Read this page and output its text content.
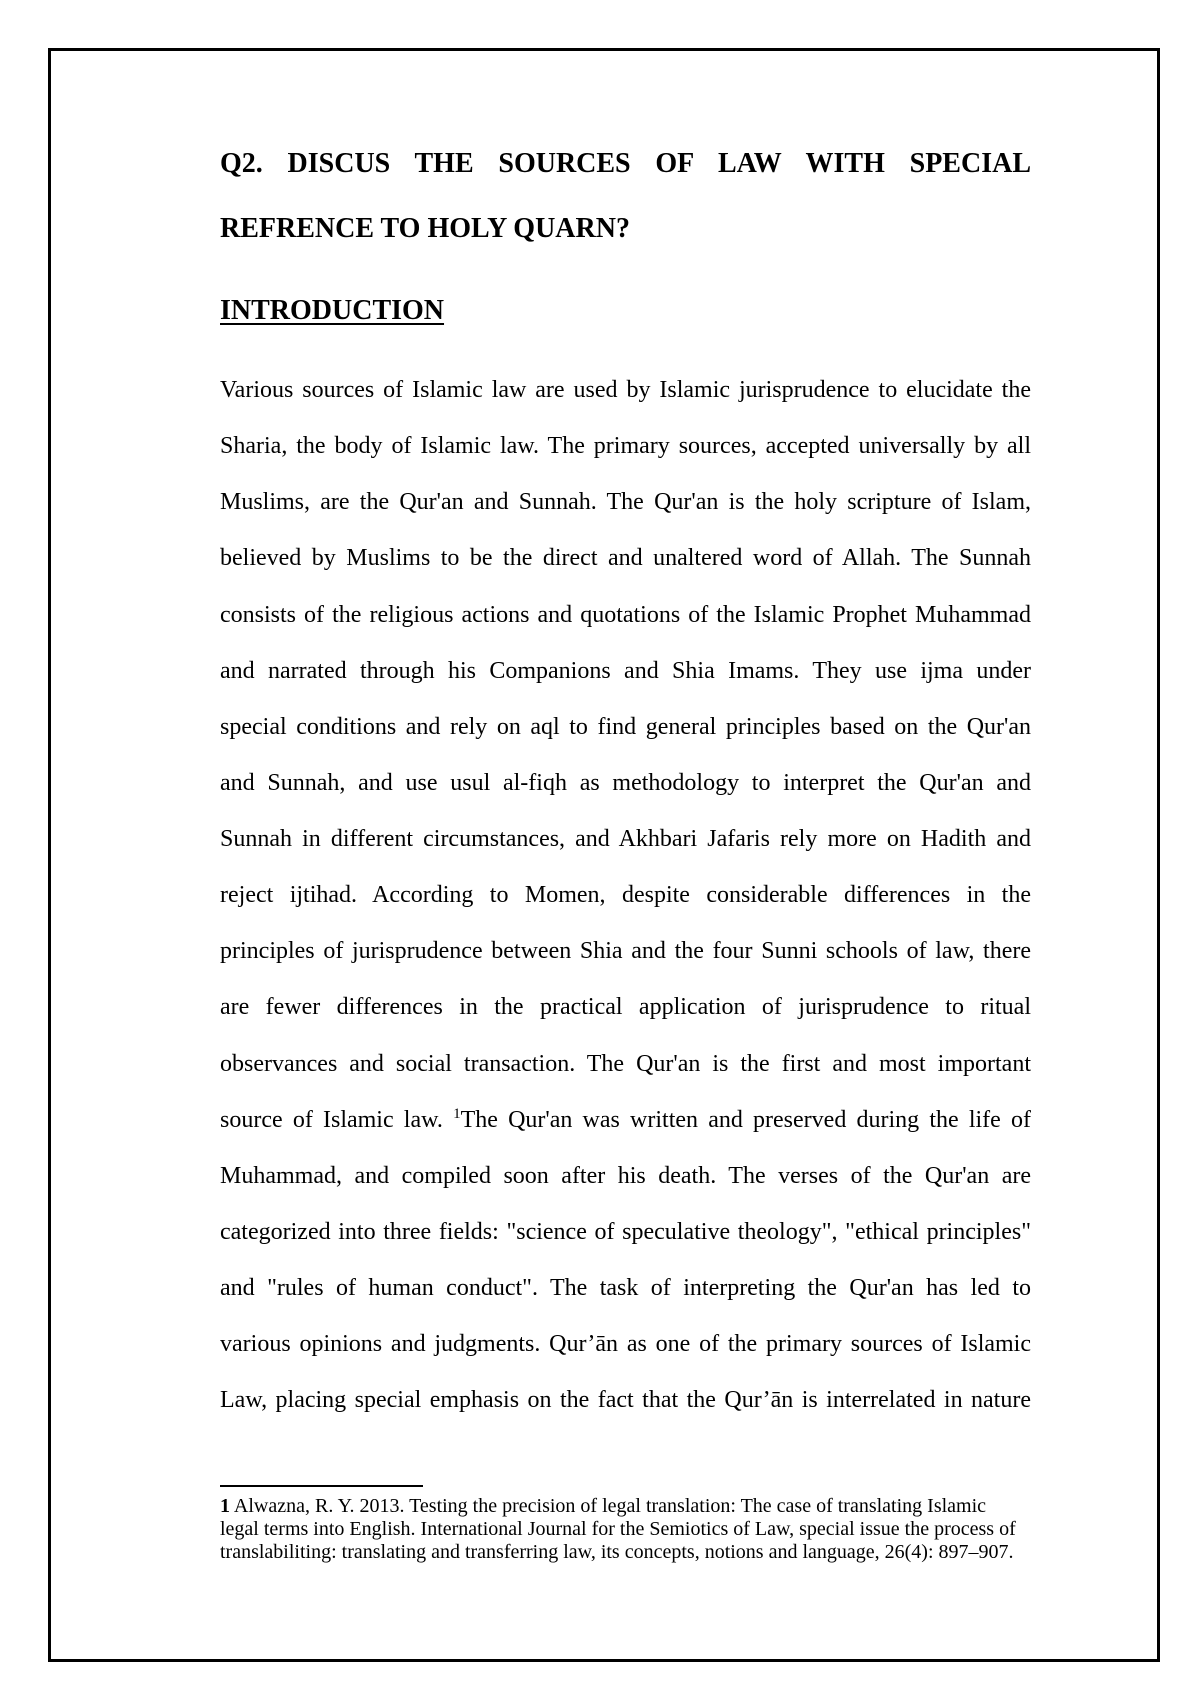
Q2. DISCUS THE SOURCES OF LAW WITH SPECIAL
REFRENCE TO HOLY QUARN?
INTRODUCTION
Various sources of Islamic law are used by Islamic jurisprudence to elucidate the
Sharia, the body of Islamic law. The primary sources, accepted universally by all
Muslims, are the Qur'an and Sunnah. The Qur'an is the holy scripture of Islam,
believed by Muslims to be the direct and unaltered word of Allah. The Sunnah
consists of the religious actions and quotations of the Islamic Prophet Muhammad
and narrated through his Companions and Shia Imams. They use ijma under
special conditions and rely on aql to find general principles based on the Qur'an
and Sunnah, and use usul al-fiqh as methodology to interpret the Qur'an and
Sunnah in different circumstances, and Akhbari Jafaris rely more on Hadith and
reject ijtihad. According to Momen, despite considerable differences in the
principles of jurisprudence between Shia and the four Sunni schools of law, there
are fewer differences in the practical application of jurisprudence to ritual
observances and social transaction. The Qur'an is the first and most important
source of Islamic law. $^1$The Qur'an was written and preserved during the life of
Muhammad, and compiled soon after his death. The verses of the Qur'an are
categorized into three fields: "science of speculative theology", "ethical principles"
and "rules of human conduct". The task of interpreting the Qur'an has led to
various opinions and judgments. Qur’ān as one of the primary sources of Islamic
Law, placing special emphasis on the fact that the Qur’ān is interrelated in nature
1 Alwazna, R. Y. 2013. Testing the precision of legal translation: The case of translating Islamic
legal terms into English. International Journal for the Semiotics of Law, special issue the process of
translabiliting: translating and transferring law, its concepts, notions and language, 26(4): 897–907.
